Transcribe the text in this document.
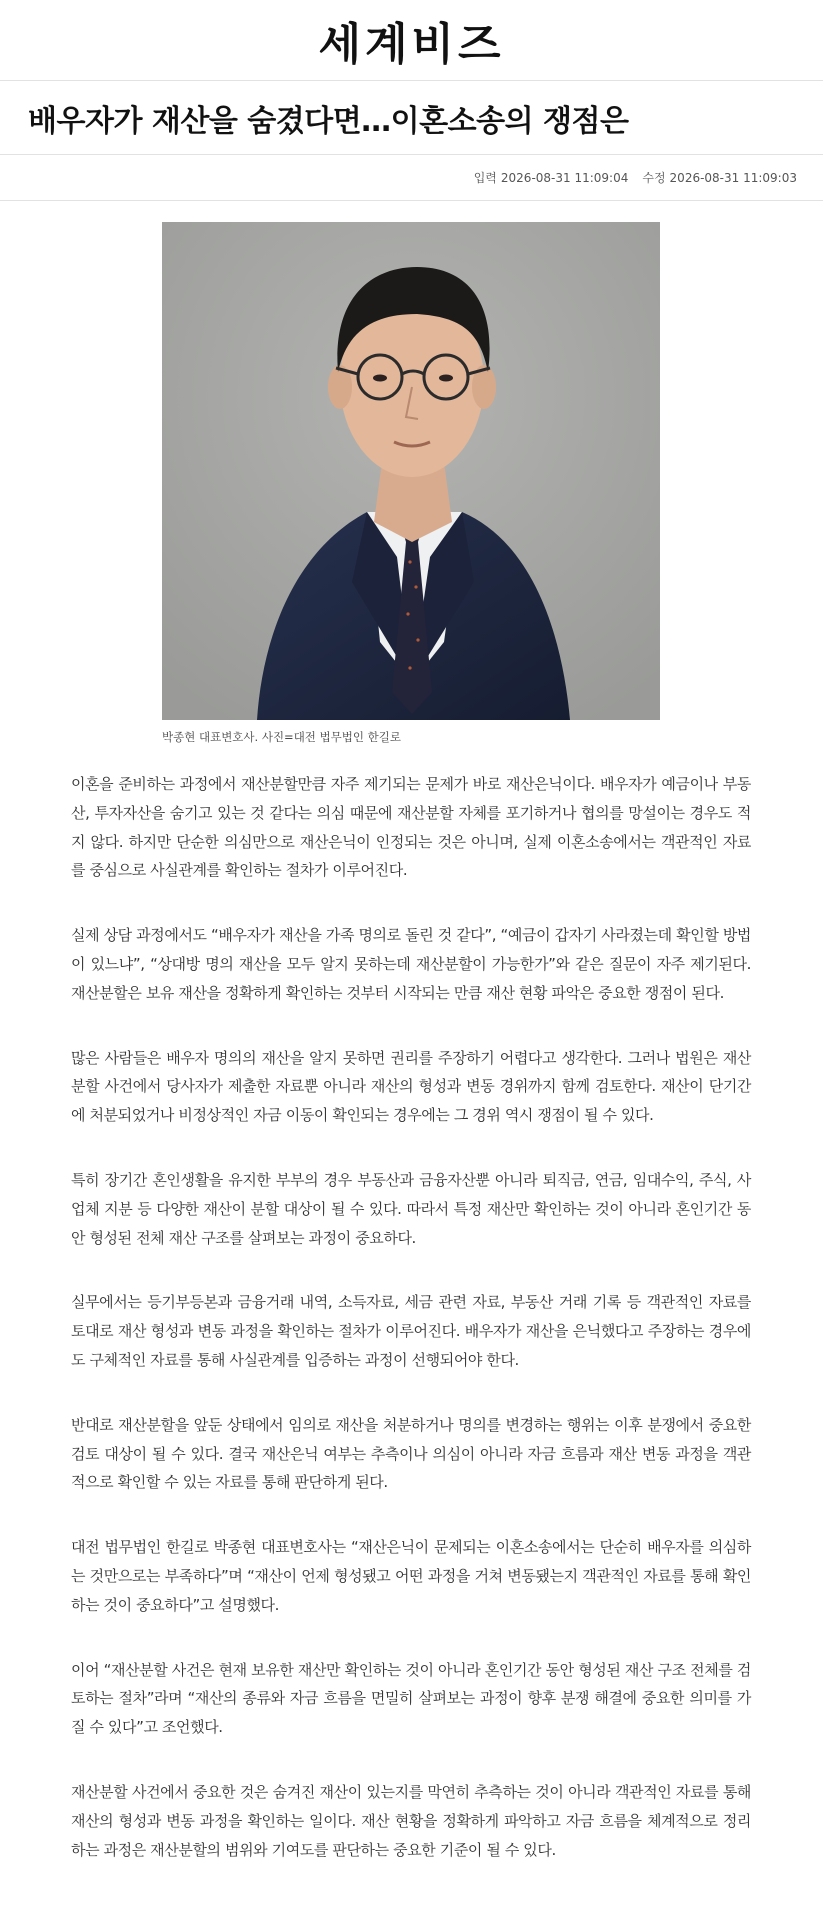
세계비즈
배우자가 재산을 숨겼다면…이혼소송의 쟁점은
입력 2026-08-31 11:09:04 수정 2026-08-31 11:09:03
박종현 대표변호사. 사진=대전 법무법인 한길로

이혼을 준비하는 과정에서 재산분할만큼 자주 제기되는 문제가 바로 재산은닉이다. 배우자가 예금이나 부동산, 투자자산을 숨기고 있는 것 같다는 의심 때문에 재산분할 자체를 포기하거나 협의를 망설이는 경우도 적지 않다. 하지만 단순한 의심만으로 재산은닉이 인정되는 것은 아니며, 실제 이혼소송에서는 객관적인 자료를 중심으로 사실관계를 확인하는 절차가 이루어진다.

실제 상담 과정에서도 “배우자가 재산을 가족 명의로 돌린 것 같다”, “예금이 갑자기 사라졌는데 확인할 방법이 있느냐”, “상대방 명의 재산을 모두 알지 못하는데 재산분할이 가능한가”와 같은 질문이 자주 제기된다. 재산분할은 보유 재산을 정확하게 확인하는 것부터 시작되는 만큼 재산 현황 파악은 중요한 쟁점이 된다.

많은 사람들은 배우자 명의의 재산을 알지 못하면 권리를 주장하기 어렵다고 생각한다. 그러나 법원은 재산분할 사건에서 당사자가 제출한 자료뿐 아니라 재산의 형성과 변동 경위까지 함께 검토한다. 재산이 단기간에 처분되었거나 비정상적인 자금 이동이 확인되는 경우에는 그 경위 역시 쟁점이 될 수 있다.

특히 장기간 혼인생활을 유지한 부부의 경우 부동산과 금융자산뿐 아니라 퇴직금, 연금, 임대수익, 주식, 사업체 지분 등 다양한 재산이 분할 대상이 될 수 있다. 따라서 특정 재산만 확인하는 것이 아니라 혼인기간 동안 형성된 전체 재산 구조를 살펴보는 과정이 중요하다.

실무에서는 등기부등본과 금융거래 내역, 소득자료, 세금 관련 자료, 부동산 거래 기록 등 객관적인 자료를 토대로 재산 형성과 변동 과정을 확인하는 절차가 이루어진다. 배우자가 재산을 은닉했다고 주장하는 경우에도 구체적인 자료를 통해 사실관계를 입증하는 과정이 선행되어야 한다.

반대로 재산분할을 앞둔 상태에서 임의로 재산을 처분하거나 명의를 변경하는 행위는 이후 분쟁에서 중요한 검토 대상이 될 수 있다. 결국 재산은닉 여부는 추측이나 의심이 아니라 자금 흐름과 재산 변동 과정을 객관적으로 확인할 수 있는 자료를 통해 판단하게 된다.

대전 법무법인 한길로 박종현 대표변호사는 “재산은닉이 문제되는 이혼소송에서는 단순히 배우자를 의심하는 것만으로는 부족하다”며 “재산이 언제 형성됐고 어떤 과정을 거쳐 변동됐는지 객관적인 자료를 통해 확인하는 것이 중요하다”고 설명했다.

이어 “재산분할 사건은 현재 보유한 재산만 확인하는 것이 아니라 혼인기간 동안 형성된 재산 구조 전체를 검토하는 절차”라며 “재산의 종류와 자금 흐름을 면밀히 살펴보는 과정이 향후 분쟁 해결에 중요한 의미를 가질 수 있다”고 조언했다.

재산분할 사건에서 중요한 것은 숨겨진 재산이 있는지를 막연히 추측하는 것이 아니라 객관적인 자료를 통해 재산의 형성과 변동 과정을 확인하는 일이다. 재산 현황을 정확하게 파악하고 자금 흐름을 체계적으로 정리하는 과정은 재산분할의 범위와 기여도를 판단하는 중요한 기준이 될 수 있다.
